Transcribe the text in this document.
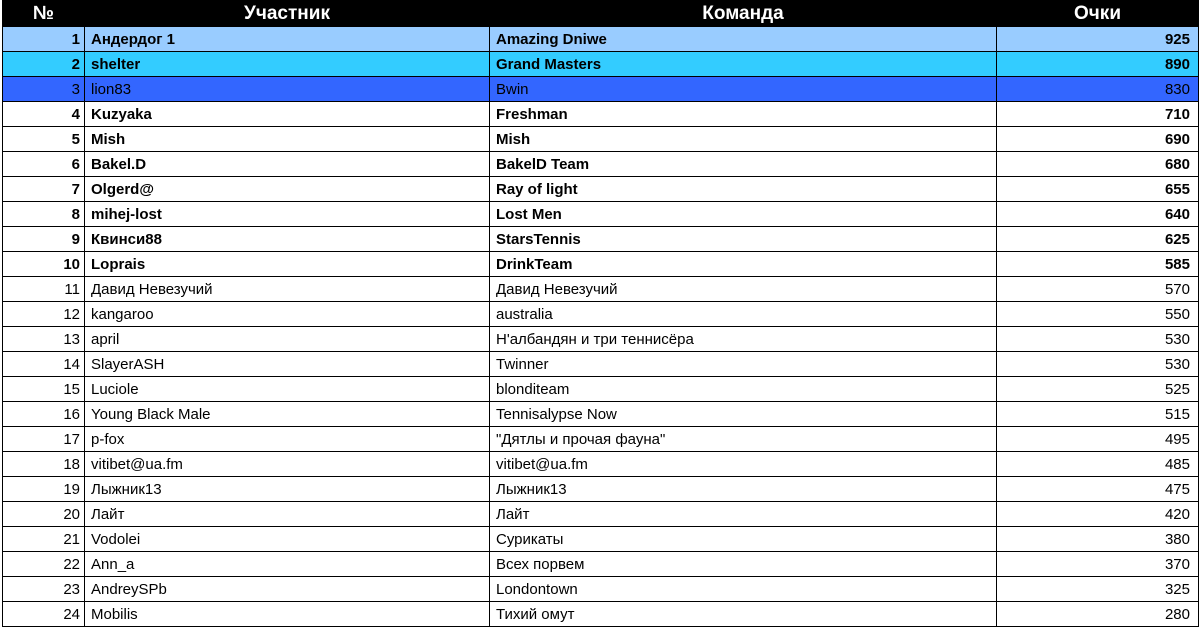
№	Участник	Команда	Очки
1	Андердог 1	Amazing Dniwe	925
2	shelter	Grand Masters	890
3	lion83	Bwin	830
4	Kuzyaka	Freshman	710
5	Mish	Mish	690
6	Bakel.D	BakelD Team	680
7	Olgerd@	Ray of light	655
8	mihej-lost	Lost Men	640
9	Квинси88	StarsTennis	625
10	Loprais	DrinkTeam	585
11	Давид Невезучий	Давид Невезучий	570
12	kangaroo	australia	550
13	april	Н'албандян и три теннисёра	530
14	SlayerASH	Twinner	530
15	Luciole	blonditeam	525
16	Young Black Male	Tennisalypse Now	515
17	p-fox	"Дятлы и прочая фауна"	495
18	vitibet@ua.fm	vitibet@ua.fm	485
19	Лыжник13	Лыжник13	475
20	Лайт	Лайт	420
21	Vodolei	Сурикаты	380
22	Ann_a	Всех порвем	370
23	AndreySPb	Londontown	325
24	Mobilis	Тихий омут	280
